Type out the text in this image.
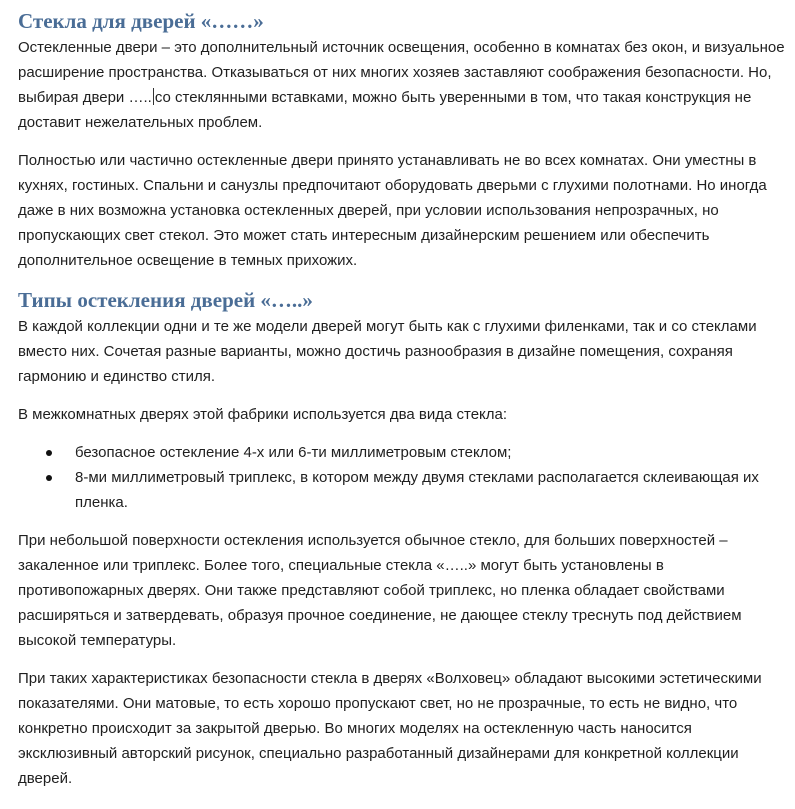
Стекла для дверей «……»

Остекленные двери – это дополнительный источник освещения, особенно в комнатах без окон, и визуальное расширение пространства. Отказываться от них многих хозяев заставляют соображения безопасности. Но, выбирая двери ….. со стеклянными вставками, можно быть уверенными в том, что такая конструкция не доставит нежелательных проблем.

Полностью или частично остекленные двери принято устанавливать не во всех комнатах. Они уместны в кухнях, гостиных. Спальни и санузлы предпочитают оборудовать дверьми с глухими полотнами. Но иногда даже в них возможна установка остекленных дверей, при условии использования непрозрачных, но пропускающих свет стекол. Это может стать интересным дизайнерским решением или обеспечить дополнительное освещение в темных прихожих.

Типы остекления дверей «…..»

В каждой коллекции одни и те же модели дверей могут быть как с глухими филенками, так и со стеклами вместо них. Сочетая разные варианты, можно достичь разнообразия в дизайне помещения, сохраняя гармонию и единство стиля.

В межкомнатных дверях этой фабрики используется два вида стекла:

безопасное остекление 4-х или 6-ти миллиметровым стеклом;
8-ми миллиметровый триплекс, в котором между двумя стеклами располагается склеивающая их пленка.

При небольшой поверхности остекления используется обычное стекло, для больших поверхностей – закаленное или триплекс. Более того, специальные стекла «…..» могут быть установлены в противопожарных дверях. Они также представляют собой триплекс, но пленка обладает свойствами расширяться и затвердевать, образуя прочное соединение, не дающее стеклу треснуть под действием высокой температуры.

При таких характеристиках безопасности стекла в дверях «Волховец» обладают высокими эстетическими показателями. Они матовые, то есть хорошо пропускают свет, но не прозрачные, то есть не видно, что конкретно происходит за закрытой дверью. Во многих моделях на остекленную часть наносится эксклюзивный авторский рисунок, специально разработанный дизайнерами для конкретной коллекции дверей.
